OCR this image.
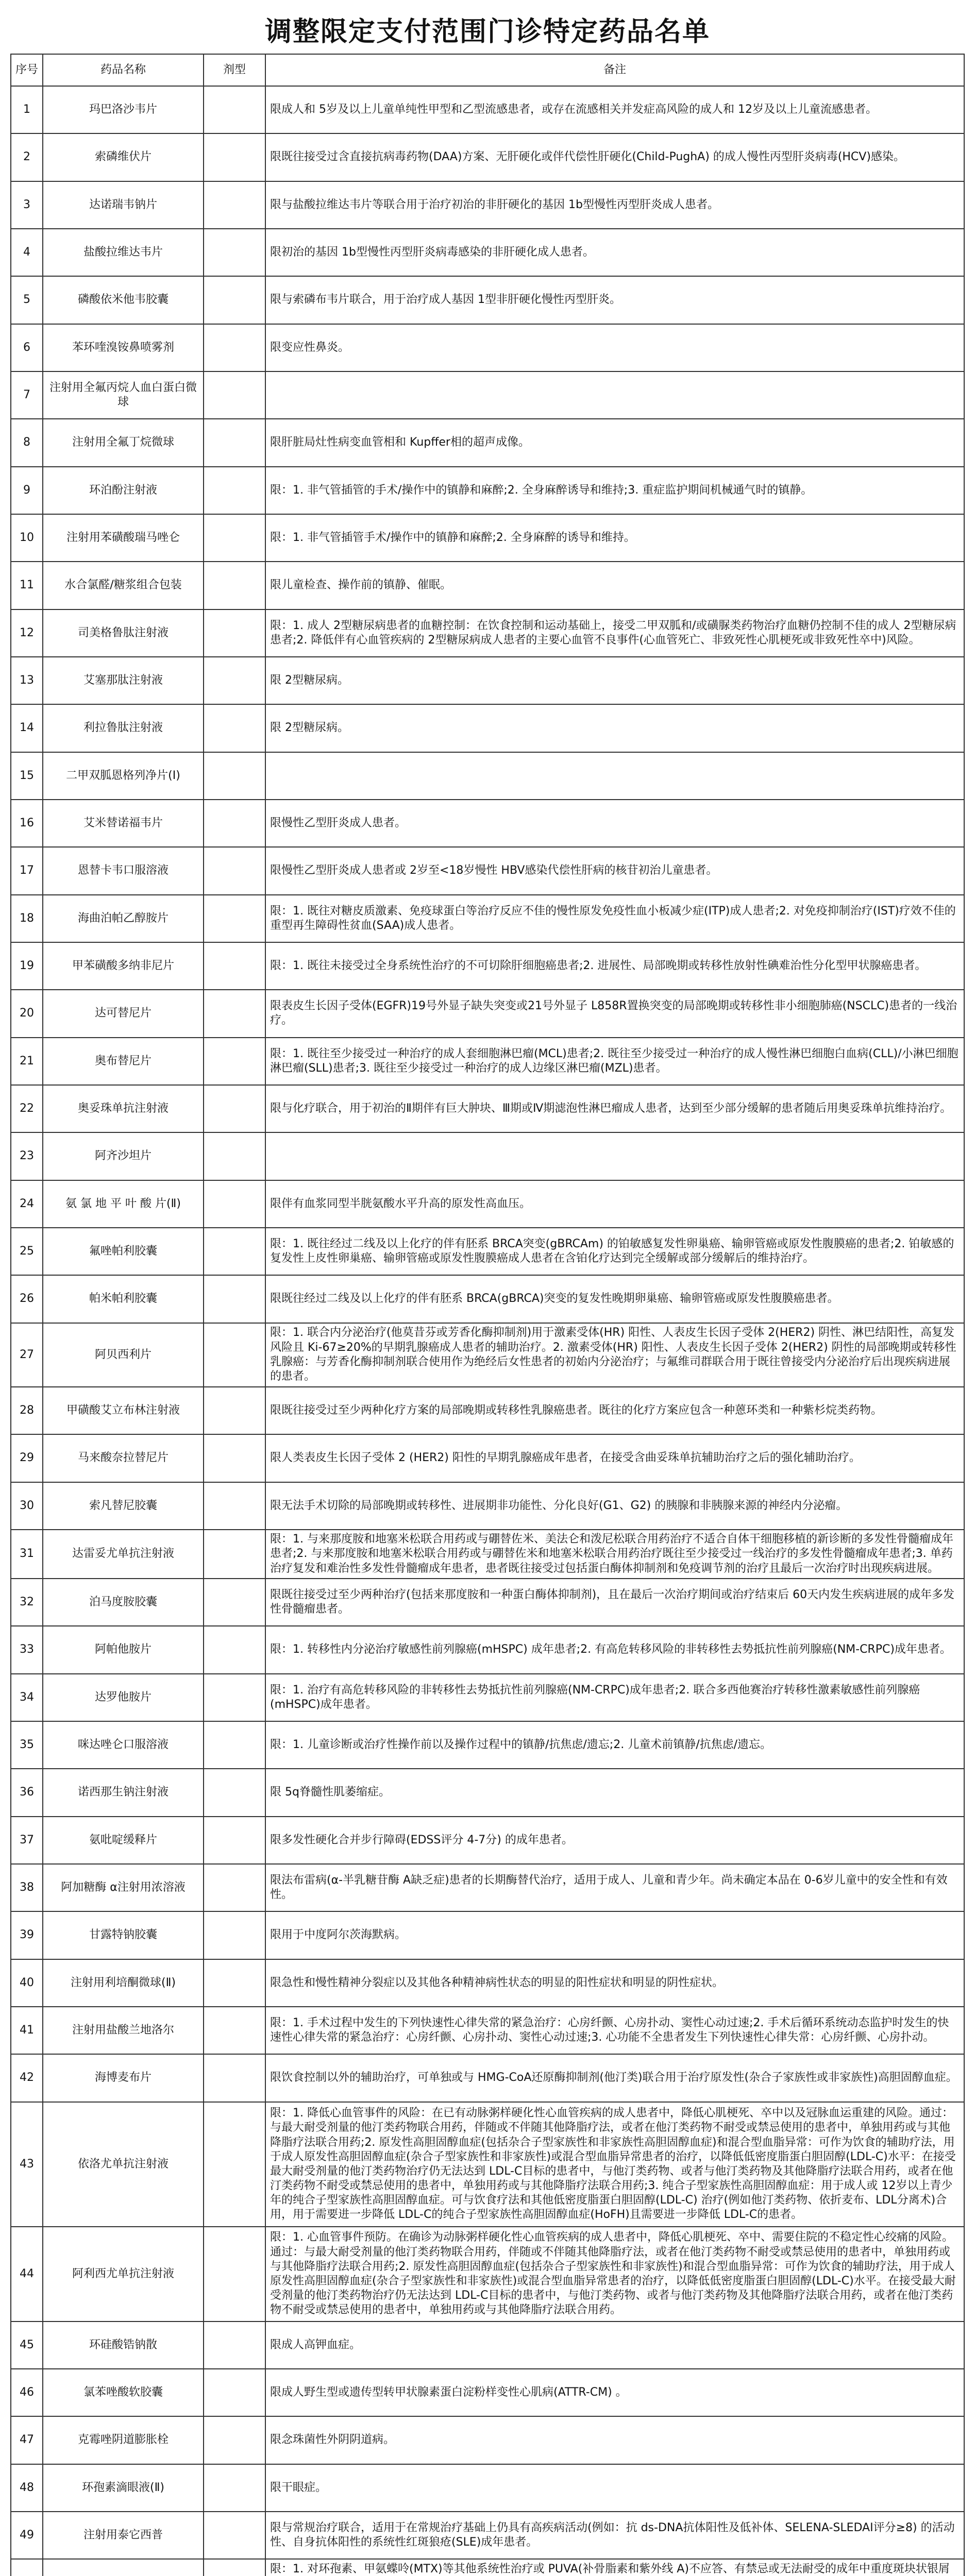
调整限定支付范围门诊特定药品名单
序号	药品名称	剂型	备注
1	玛巴洛沙韦片		限成人和 5岁及以上儿童单纯性甲型和乙型流感患者，或存在流感相关并发症高风险的成人和 12岁及以上儿童流感患者。
2	索磷维伏片		限既往接受过含直接抗病毒药物(DAA)方案、无肝硬化或伴代偿性肝硬化(Child-PughA) 的成人慢性丙型肝炎病毒(HCV)感染。
3	达诺瑞韦钠片		限与盐酸拉维达韦片等联合用于治疗初治的非肝硬化的基因 1b型慢性丙型肝炎成人患者。
4	盐酸拉维达韦片		限初治的基因 1b型慢性丙型肝炎病毒感染的非肝硬化成人患者。
5	磷酸依米他韦胶囊		限与索磷布韦片联合，用于治疗成人基因 1型非肝硬化慢性丙型肝炎。
6	苯环喹溴铵鼻喷雾剂		限变应性鼻炎。
7	注射用全氟丙烷人血白蛋白微球		
8	注射用全氟丁烷微球		限肝脏局灶性病变血管相和 Kupffer相的超声成像。
9	环泊酚注射液		限：1. 非气管插管的手术/操作中的镇静和麻醉;2. 全身麻醉诱导和维持;3. 重症监护期间机械通气时的镇静。
10	注射用苯磺酸瑞马唑仑		限：1. 非气管插管手术/操作中的镇静和麻醉;2. 全身麻醉的诱导和维持。
11	水合氯醛/糖浆组合包装		限儿童检查、操作前的镇静、催眠。
12	司美格鲁肽注射液		限：1. 成人 2型糖尿病患者的血糖控制：在饮食控制和运动基础上，接受二甲双胍和/或磺脲类药物治疗血糖仍控制不佳的成人 2型糖尿病患者;2. 降低伴有心血管疾病的 2型糖尿病成人患者的主要心血管不良事件(心血管死亡、非致死性心肌梗死或非致死性卒中)风险。
13	艾塞那肽注射液		限 2型糖尿病。
14	利拉鲁肽注射液		限 2型糖尿病。
15	二甲双胍恩格列净片(Ⅰ)		
16	艾米替诺福韦片		限慢性乙型肝炎成人患者。
17	恩替卡韦口服溶液		限慢性乙型肝炎成人患者或 2岁至<18岁慢性 HBV感染代偿性肝病的核苷初治儿童患者。
18	海曲泊帕乙醇胺片		限：1. 既往对糖皮质激素、免疫球蛋白等治疗反应不佳的慢性原发免疫性血小板减少症(ITP)成人患者;2. 对免疫抑制治疗(IST)疗效不佳的重型再生障碍性贫血(SAA)成人患者。
19	甲苯磺酸多纳非尼片		限：1. 既往未接受过全身系统性治疗的不可切除肝细胞癌患者;2. 进展性、局部晚期或转移性放射性碘难治性分化型甲状腺癌患者。
20	达可替尼片		限表皮生长因子受体(EGFR)19号外显子缺失突变或21号外显子 L858R置换突变的局部晚期或转移性非小细胞肺癌(NSCLC)患者的一线治疗。
21	奥布替尼片		限：1. 既往至少接受过一种治疗的成人套细胞淋巴瘤(MCL)患者;2. 既往至少接受过一种治疗的成人慢性淋巴细胞白血病(CLL)/小淋巴细胞淋巴瘤(SLL)患者;3. 既往至少接受过一种治疗的成人边缘区淋巴瘤(MZL)患者。
22	奥妥珠单抗注射液		限与化疗联合，用于初治的Ⅱ期伴有巨大肿块、Ⅲ期或Ⅳ期滤泡性淋巴瘤成人患者，达到至少部分缓解的患者随后用奥妥珠单抗维持治疗。
23	阿齐沙坦片		
24	氨 氯 地 平 叶 酸 片(Ⅱ)		限伴有血浆同型半胱氨酸水平升高的原发性高血压。
25	氟唑帕利胶囊		限：1. 既往经过二线及以上化疗的伴有胚系 BRCA突变(gBRCAm) 的铂敏感复发性卵巢癌、输卵管癌或原发性腹膜癌的患者;2. 铂敏感的复发性上皮性卵巢癌、输卵管癌或原发性腹膜癌成人患者在含铂化疗达到完全缓解或部分缓解后的维持治疗。
26	帕米帕利胶囊		限既往经过二线及以上化疗的伴有胚系 BRCA(gBRCA)突变的复发性晚期卵巢癌、输卵管癌或原发性腹膜癌患者。
27	阿贝西利片		限：1. 联合内分泌治疗(他莫昔芬或芳香化酶抑制剂)用于激素受体(HR) 阳性、人表皮生长因子受体 2(HER2) 阴性、淋巴结阳性，高复发风险且 Ki-67≥20%的早期乳腺癌成人患者的辅助治疗。2. 激素受体(HR) 阳性、人表皮生长因子受体 2(HER2) 阴性的局部晚期或转移性乳腺癌：与芳香化酶抑制剂联合使用作为绝经后女性患者的初始内分泌治疗；与氟维司群联合用于既往曾接受内分泌治疗后出现疾病进展的患者。
28	甲磺酸艾立布林注射液		限既往接受过至少两种化疗方案的局部晚期或转移性乳腺癌患者。既往的化疗方案应包含一种蒽环类和一种紫杉烷类药物。
29	马来酸奈拉替尼片		限人类表皮生长因子受体 2 (HER2) 阳性的早期乳腺癌成年患者，在接受含曲妥珠单抗辅助治疗之后的强化辅助治疗。
30	索凡替尼胶囊		限无法手术切除的局部晚期或转移性、进展期非功能性、分化良好(G1、G2) 的胰腺和非胰腺来源的神经内分泌瘤。
31	达雷妥尤单抗注射液		限：1. 与来那度胺和地塞米松联合用药或与硼替佐米、美法仑和泼尼松联合用药治疗不适合自体干细胞移植的新诊断的多发性骨髓瘤成年患者;2. 与来那度胺和地塞米松联合用药或与硼替佐米和地塞米松联合用药治疗既往至少接受过一线治疗的多发性骨髓瘤成年患者;3. 单药治疗复发和难治性多发性骨髓瘤成年患者，患者既往接受过包括蛋白酶体抑制剂和免疫调节剂的治疗且最后一次治疗时出现疾病进展。
32	泊马度胺胶囊		限既往接受过至少两种治疗(包括来那度胺和一种蛋白酶体抑制剂)，且在最后一次治疗期间或治疗结束后 60天内发生疾病进展的成年多发性骨髓瘤患者。
33	阿帕他胺片		限：1. 转移性内分泌治疗敏感性前列腺癌(mHSPC) 成年患者;2. 有高危转移风险的非转移性去势抵抗性前列腺癌(NM-CRPC)成年患者。
34	达罗他胺片		限：1. 治疗有高危转移风险的非转移性去势抵抗性前列腺癌(NM-CRPC)成年患者;2. 联合多西他赛治疗转移性激素敏感性前列腺癌(mHSPC)成年患者。
35	咪达唑仑口服溶液		限：1. 儿童诊断或治疗性操作前以及操作过程中的镇静/抗焦虑/遗忘;2. 儿童术前镇静/抗焦虑/遗忘。
36	诺西那生钠注射液		限 5q脊髓性肌萎缩症。
37	氨吡啶缓释片		限多发性硬化合并步行障碍(EDSS评分 4-7分) 的成年患者。
38	阿加糖酶 α注射用浓溶液		限法布雷病(α-半乳糖苷酶 A缺乏症)患者的长期酶替代治疗，适用于成人、儿童和青少年。尚未确定本品在 0-6岁儿童中的安全性和有效性。
39	甘露特钠胶囊		限用于中度阿尔茨海默病。
40	注射用利培酮微球(Ⅱ)		限急性和慢性精神分裂症以及其他各种精神病性状态的明显的阳性症状和明显的阴性症状。
41	注射用盐酸兰地洛尔		限：1. 手术过程中发生的下列快速性心律失常的紧急治疗：心房纤颤、心房扑动、窦性心动过速;2. 手术后循环系统动态监护时发生的快速性心律失常的紧急治疗：心房纤颤、心房扑动、窦性心动过速;3. 心功能不全患者发生下列快速性心律失常：心房纤颤、心房扑动。
42	海博麦布片		限饮食控制以外的辅助治疗，可单独或与 HMG-CoA还原酶抑制剂(他汀类)联合用于治疗原发性(杂合子家族性或非家族性)高胆固醇血症。
43	依洛尤单抗注射液		限：1. 降低心血管事件的风险：在已有动脉粥样硬化性心血管疾病的成人患者中，降低心肌梗死、卒中以及冠脉血运重建的风险。通过：与最大耐受剂量的他汀类药物联合用药，伴随或不伴随其他降脂疗法，或者在他汀类药物不耐受或禁忌使用的患者中，单独用药或与其他降脂疗法联合用药;2. 原发性高胆固醇血症(包括杂合子型家族性和非家族性高胆固醇血症)和混合型血脂异常：可作为饮食的辅助疗法，用于成人原发性高胆固醇血症(杂合子型家族性和非家族性)或混合型血脂异常患者的治疗，以降低低密度脂蛋白胆固醇(LDL-C)水平：在接受最大耐受剂量的他汀类药物治疗仍无法达到 LDL-C目标的患者中，与他汀类药物、或者与他汀类药物及其他降脂疗法联合用药，或者在他汀类药物不耐受或禁忌使用的患者中，单独用药或与其他降脂疗法联合用药;3. 纯合子型家族性高胆固醇血症：用于成人或 12岁以上青少年的纯合子型家族性高胆固醇血症。可与饮食疗法和其他低密度脂蛋白胆固醇(LDL-C) 治疗(例如他汀类药物、依折麦布、LDL分离术)合用，用于需要进一步降低 LDL-C的纯合子型家族性高胆固醇血症(HoFH)且需要进一步降低 LDL-C的患者。
44	阿利西尤单抗注射液		限：1. 心血管事件预防。在确诊为动脉粥样硬化性心血管疾病的成人患者中，降低心肌梗死、卒中、需要住院的不稳定性心绞痛的风险。通过：与最大耐受剂量的他汀类药物联合用药，伴随或不伴随其他降脂疗法，或者在他汀类药物不耐受或禁忌使用的患者中，单独用药或与其他降脂疗法联合用药;2. 原发性高胆固醇血症(包括杂合子型家族性和非家族性)和混合型血脂异常：可作为饮食的辅助疗法，用于成人原发性高胆固醇血症(杂合子型家族性和非家族性)或混合型血脂异常患者的治疗，以降低低密度脂蛋白胆固醇(LDL-C)水平。在接受最大耐受剂量的他汀类药物治疗仍无法达到 LDL-C目标的患者中，与他汀类药物、或者与他汀类药物及其他降脂疗法联合用药，或者在他汀类药物不耐受或禁忌使用的患者中，单独用药或与其他降脂疗法联合用药。
45	环硅酸锆钠散		限成人高钾血症。
46	氯苯唑酸软胶囊		限成人野生型或遗传型转甲状腺素蛋白淀粉样变性心肌病(ATTR-CM) 。
47	克霉唑阴道膨胀栓		限念珠菌性外阴阴道病。
48	环孢素滴眼液(Ⅱ)		限干眼症。
49	注射用泰它西普		限与常规治疗联合，适用于在常规治疗基础上仍具有高疾病活动(例如：抗 ds-DNA抗体阳性及低补体、SELENA-SLEDAI评分≥8) 的活动性、自身抗体阳性的系统性红斑狼疮(SLE)成年患者。
			限：1. 对环孢素、甲氨蝶呤(MTX)等其他系统性治疗或 PUVA(补骨脂素和紫外线 A)不应答、有禁忌或无法耐受的成年中重度斑块状银屑
